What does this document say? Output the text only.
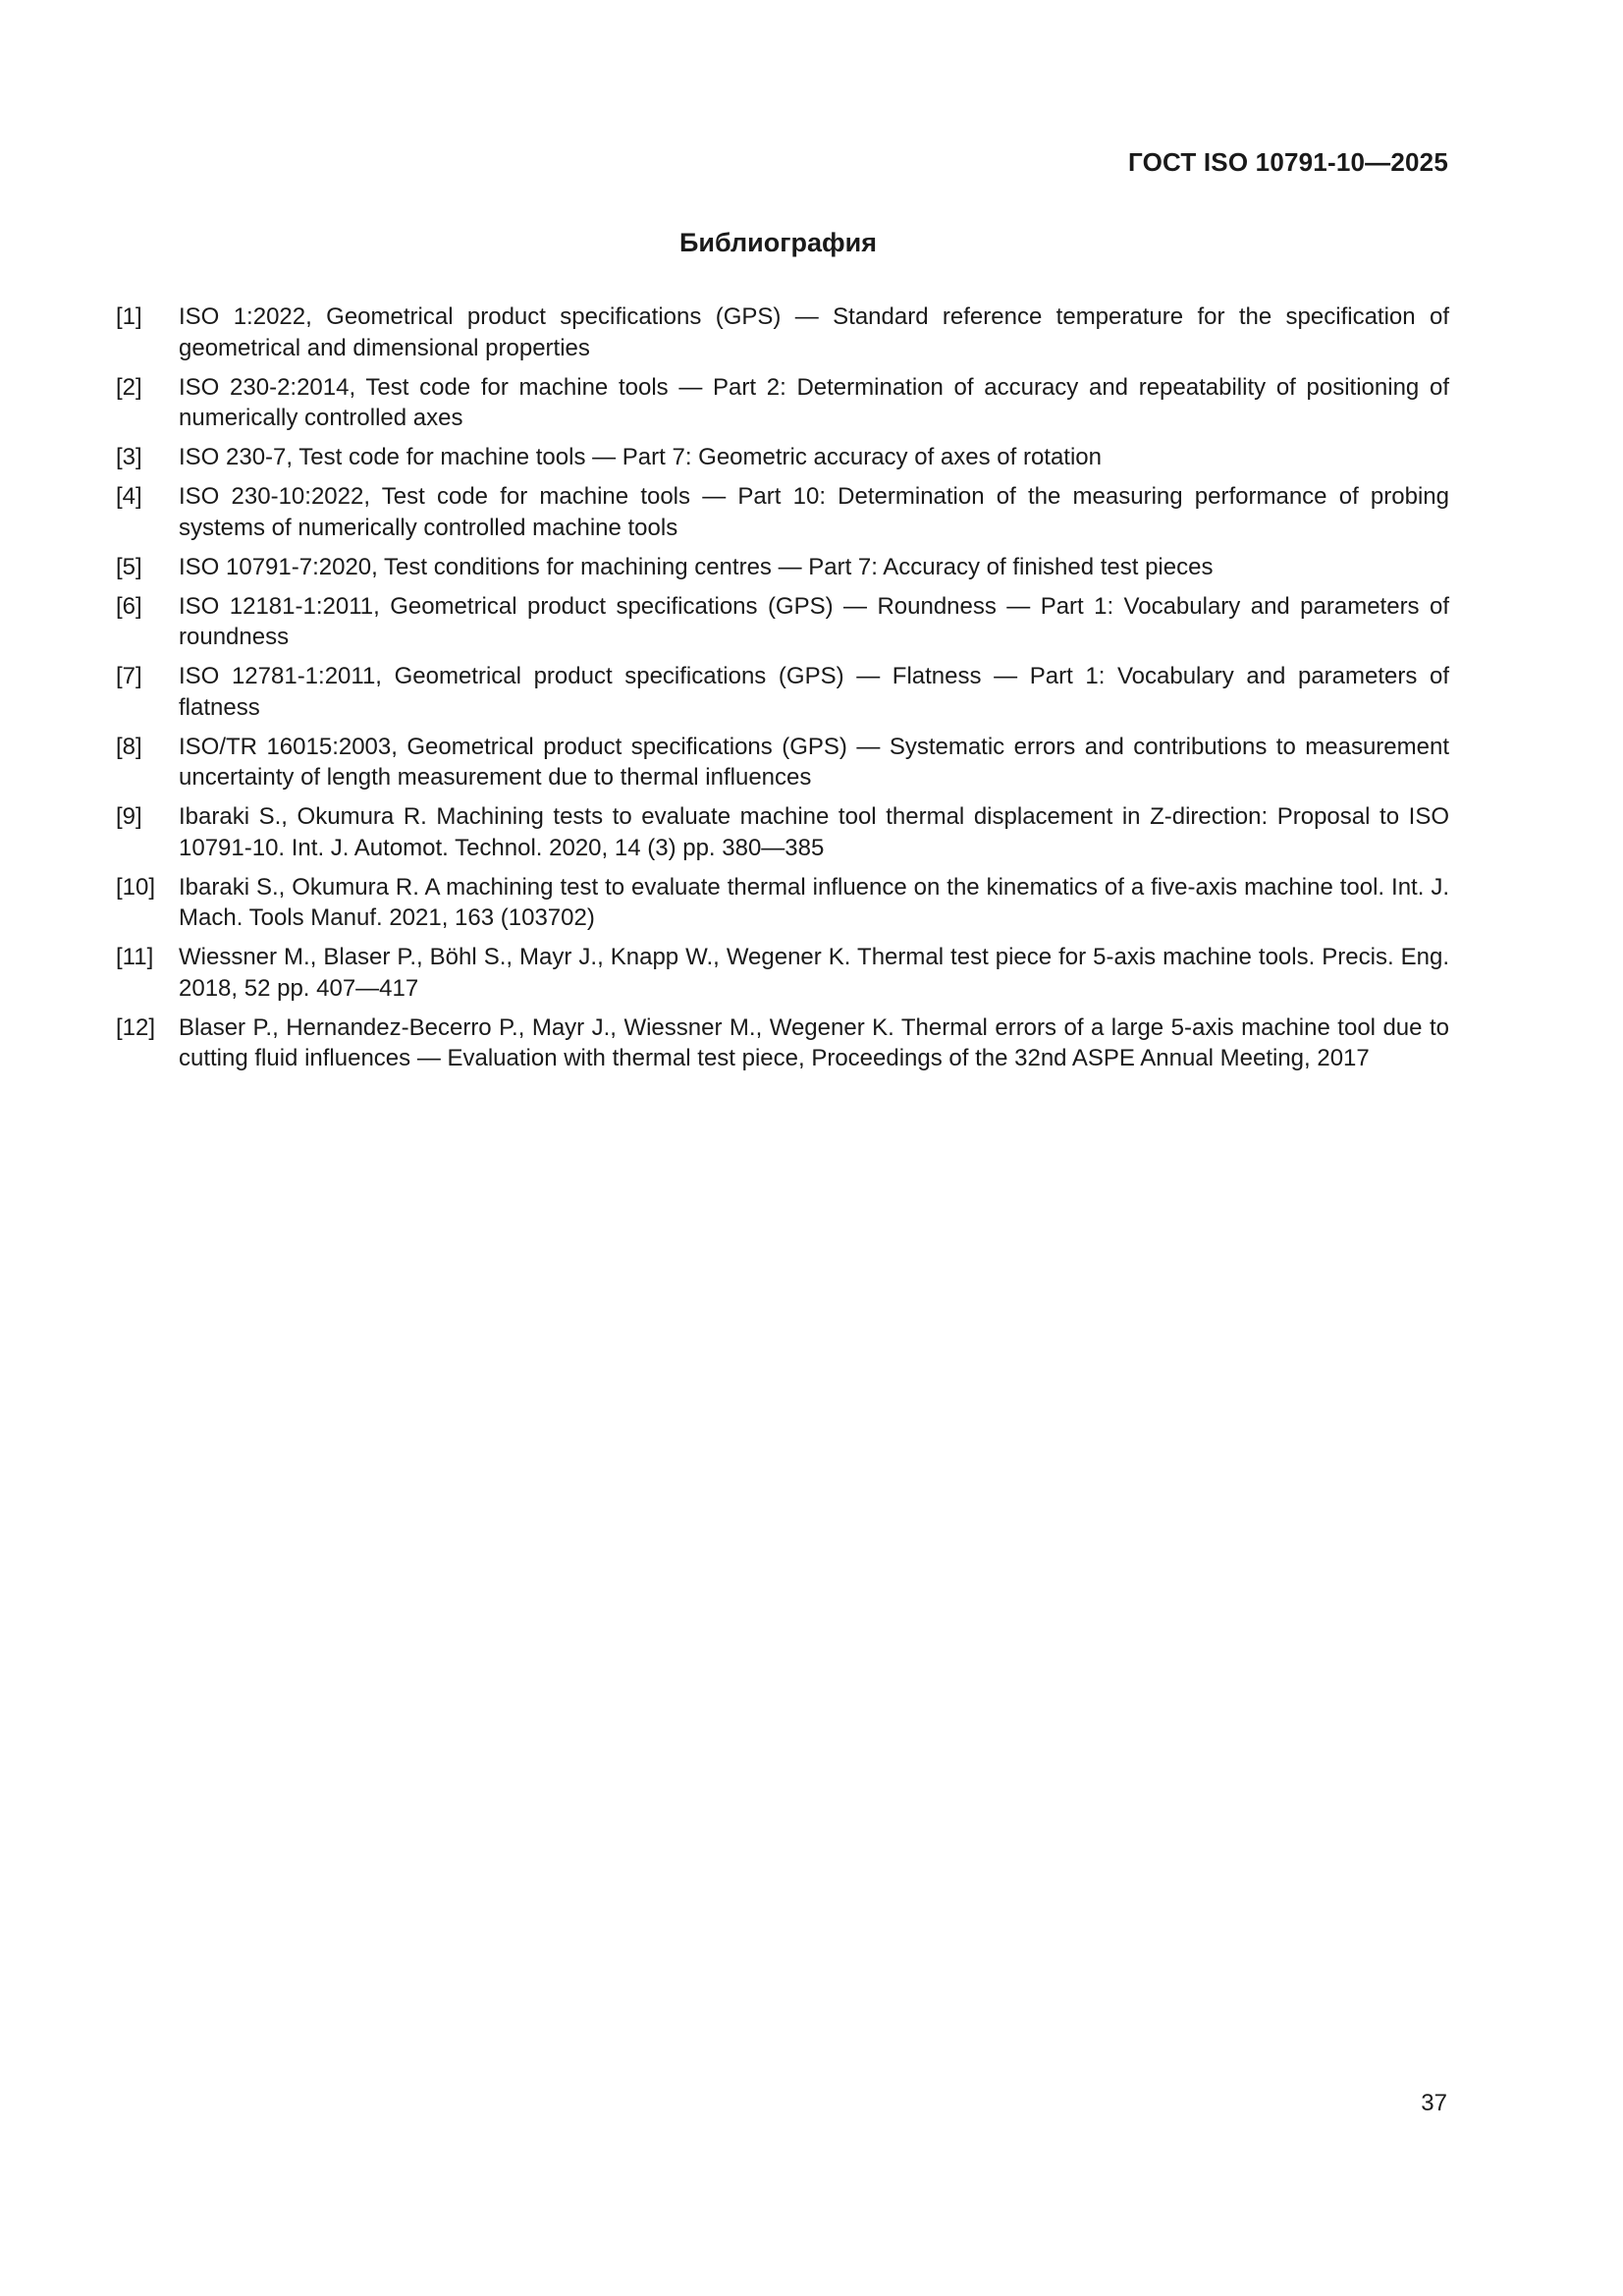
ГОСТ ISO 10791-10—2025
Библиография
[1]	ISO 1:2022, Geometrical product specifications (GPS) — Standard reference temperature for the specification of geometrical and dimensional properties
[2]	ISO 230-2:2014, Test code for machine tools — Part 2: Determination of accuracy and repeatability of positioning of numerically controlled axes
[3]	ISO 230-7, Test code for machine tools — Part 7: Geometric accuracy of axes of rotation
[4]	ISO 230-10:2022, Test code for machine tools — Part 10: Determination of the measuring performance of probing systems of numerically controlled machine tools
[5]	ISO 10791-7:2020, Test conditions for machining centres — Part 7: Accuracy of finished test pieces
[6]	ISO 12181-1:2011, Geometrical product specifications (GPS) — Roundness — Part 1: Vocabulary and parameters of roundness
[7]	ISO 12781-1:2011, Geometrical product specifications (GPS) — Flatness — Part 1: Vocabulary and parameters of flatness
[8]	ISO/TR 16015:2003, Geometrical product specifications (GPS) — Systematic errors and contributions to measurement uncertainty of length measurement due to thermal influences
[9]	Ibaraki S., Okumura R. Machining tests to evaluate machine tool thermal displacement in Z-direction: Proposal to ISO 10791-10. Int. J. Automot. Technol. 2020, 14 (3) pp. 380—385
[10] Ibaraki S., Okumura R. A machining test to evaluate thermal influence on the kinematics of a five-axis machine tool. Int. J. Mach. Tools Manuf. 2021, 163 (103702)
[11]	Wiessner M., Blaser P., Böhl S., Mayr J., Knapp W., Wegener K. Thermal test piece for 5-axis machine tools. Precis. Eng. 2018, 52 pp. 407—417
[12] Blaser P., Hernandez-Becerro P., Mayr J., Wiessner M., Wegener K. Thermal errors of a large 5-axis machine tool due to cutting fluid influences — Evaluation with thermal test piece, Proceedings of the 32nd ASPE Annual Meeting, 2017
37
